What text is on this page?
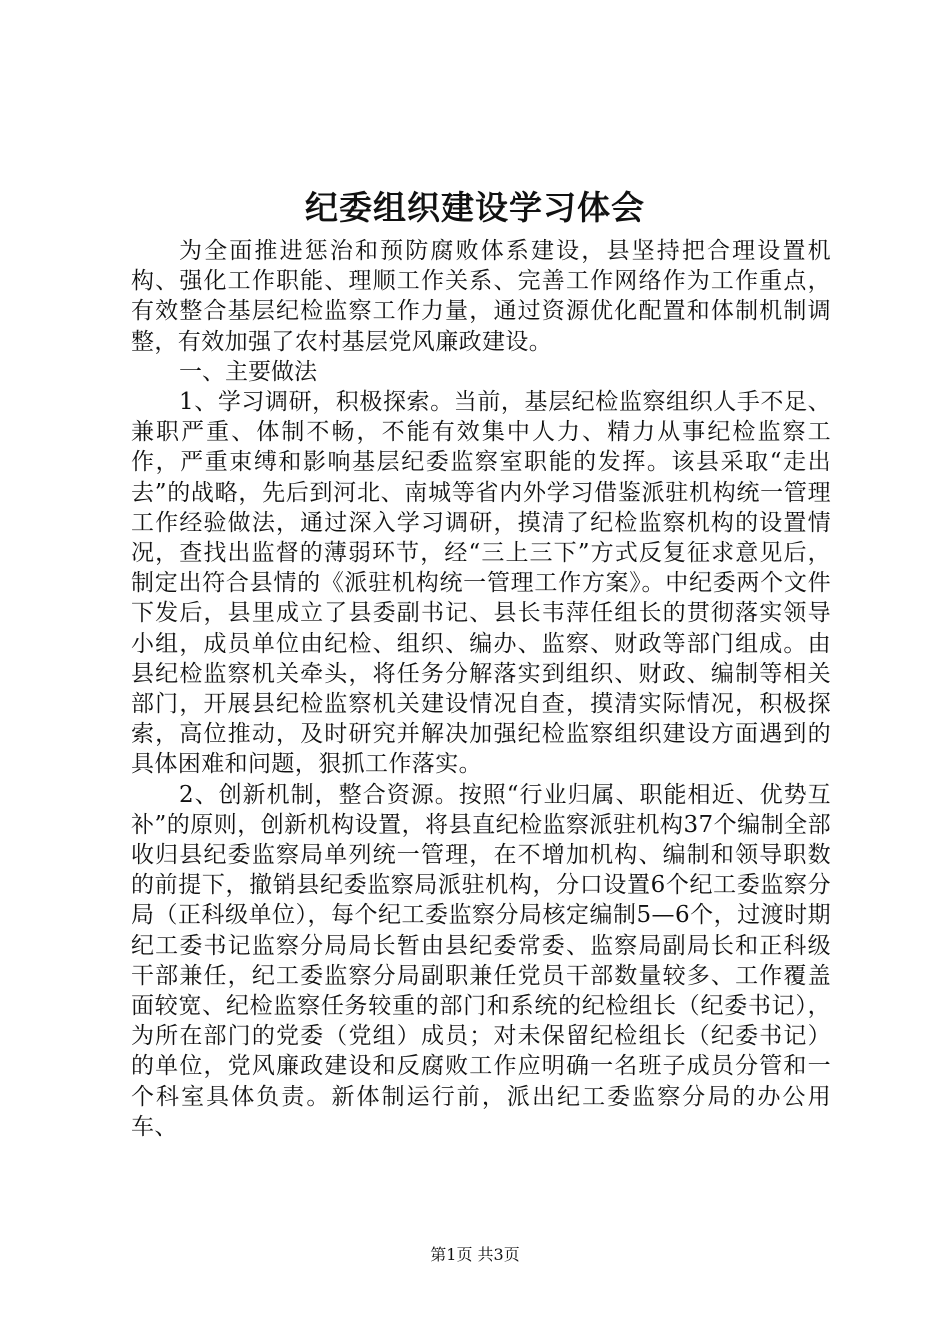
纪委组织建设学习体会

为全面推进惩治和预防腐败体系建设，县坚持把合理设置机构、强化工作职能、理顺工作关系、完善工作网络作为工作重点，有效整合基层纪检监察工作力量，通过资源优化配置和体制机制调整，有效加强了农村基层党风廉政建设。

一、主要做法

1、学习调研，积极探索。当前，基层纪检监察组织人手不足、兼职严重、体制不畅，不能有效集中人力、精力从事纪检监察工作，严重束缚和影响基层纪委监察室职能的发挥。该县采取“走出去”的战略，先后到河北、南城等省内外学习借鉴派驻机构统一管理工作经验做法，通过深入学习调研，摸清了纪检监察机构的设置情况，查找出监督的薄弱环节，经“三上三下”方式反复征求意见后，制定出符合县情的《派驻机构统一管理工作方案》。中纪委两个文件下发后，县里成立了县委副书记、县长韦萍任组长的贯彻落实领导小组，成员单位由纪检、组织、编办、监察、财政等部门组成。由县纪检监察机关牵头，将任务分解落实到组织、财政、编制等相关部门，开展县纪检监察机关建设情况自查，摸清实际情况，积极探索，高位推动，及时研究并解决加强纪检监察组织建设方面遇到的具体困难和问题，狠抓工作落实。

2、创新机制，整合资源。按照“行业归属、职能相近、优势互补”的原则，创新机构设置，将县直纪检监察派驻机构37个编制全部收归县纪委监察局单列统一管理，在不增加机构、编制和领导职数的前提下，撤销县纪委监察局派驻机构，分口设置6个纪工委监察分局（正科级单位），每个纪工委监察分局核定编制5—6个，过渡时期纪工委书记监察分局局长暂由县纪委常委、监察局副局长和正科级干部兼任，纪工委监察分局副职兼任党员干部数量较多、工作覆盖面较宽、纪检监察任务较重的部门和系统的纪检组长（纪委书记），为所在部门的党委（党组）成员；对未保留纪检组长（纪委书记）的单位，党风廉政建设和反腐败工作应明确一名班子成员分管和一个科室具体负责。新体制运行前，派出纪工委监察分局的办公用车、

第1页 共3页
